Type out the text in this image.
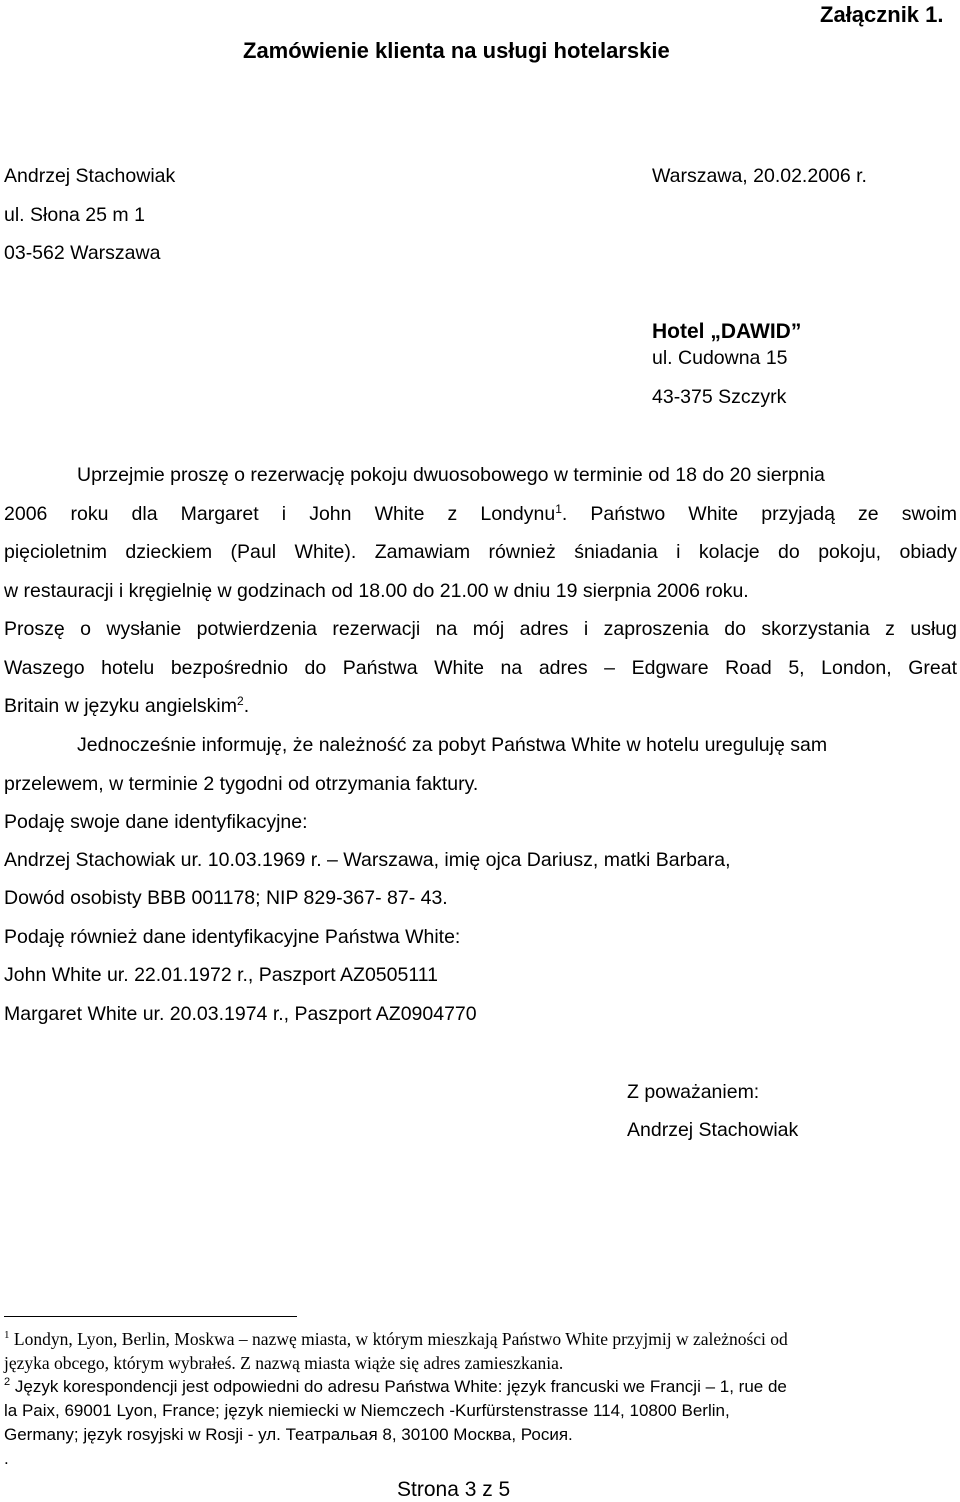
Załącznik 1.
Zamówienie klienta na usługi hotelarskie
Andrzej Stachowiak
ul. Słona 25 m 1
03-562 Warszawa
Warszawa, 20.02.2006 r.
Hotel „DAWID”
ul. Cudowna 15
43-375 Szczyrk
Uprzejmie proszę o rezerwację pokoju dwuosobowego w terminie od 18 do 20 sierpnia
2006 roku dla Margaret i John White z Londynu$^1$. Państwo White przyjadą ze swoim
pięcioletnim dzieckiem (Paul White). Zamawiam również śniadania i kolacje do pokoju, obiady
w restauracji i kręgielnię w godzinach od 18.00 do 21.00 w dniu 19 sierpnia 2006 roku.
Proszę o wysłanie potwierdzenia rezerwacji na mój adres i zaproszenia do skorzystania z usług
Waszego hotelu bezpośrednio do Państwa White na adres – Edgware Road 5, London, Great
Britain w języku angielskim$^2$.
Jednocześnie informuję, że należność za pobyt Państwa White w hotelu ureguluję sam
przelewem, w terminie 2 tygodni od otrzymania faktury.
Podaję swoje dane identyfikacyjne:
Andrzej Stachowiak ur. 10.03.1969 r. – Warszawa, imię ojca Dariusz, matki Barbara,
Dowód osobisty BBB 001178; NIP 829-367- 87- 43.
Podaję również dane identyfikacyjne Państwa White:
John White ur. 22.01.1972 r., Paszport AZ0505111
Margaret White ur. 20.03.1974 r., Paszport AZ0904770
Z poważaniem:
Andrzej Stachowiak
$^1$ Londyn, Lyon, Berlin, Moskwa – nazwę miasta, w którym mieszkają Państwo White przyjmij w zależności od
języka obcego, którym wybrałeś. Z nazwą miasta wiąże się adres zamieszkania.
$^2$ Język korespondencji jest odpowiedni do adresu Państwa White: język francuski we Francji – 1, rue de
la Paix, 69001 Lyon, France; język niemiecki w Niemczech -Kurfürstenstrasse 114, 10800 Berlin,
Germany; język rosyjski w Rosji - ул. Театральая 8, 30100 Москва, Росия.
.
Strona 3 z 5
